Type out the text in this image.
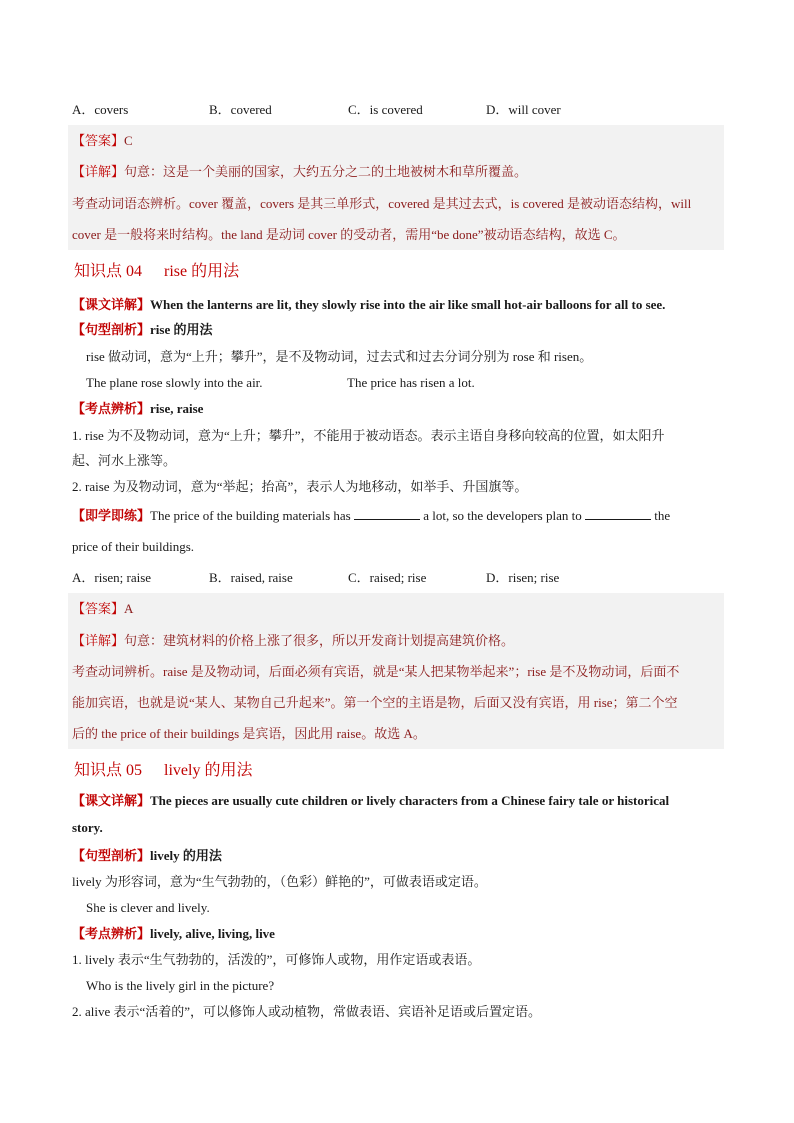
A．covers	B．covered	C．is covered	D．will cover
【答案】C
【详解】句意：这是一个美丽的国家，大约五分之二的土地被树木和草所覆盖。
考查动词语态辨析。cover 覆盖，covers 是其三单形式，covered 是其过去式，is covered 是被动语态结构，will
cover 是一般将来时结构。the land 是动词 cover 的受动者，需用“be done”被动语态结构，故选 C。
知识点 04 rise 的用法
【课文详解】When the lanterns are lit, they slowly rise into the air like small hot-air balloons for all to see.
【句型剖析】rise 的用法
rise 做动词，意为“上升；攀升”，是不及物动词，过去式和过去分词分别为 rose 和 risen。
The plane rose slowly into the air.	The price has risen a lot.
【考点辨析】rise, raise
1. rise 为不及物动词，意为“上升；攀升”，不能用于被动语态。表示主语自身移向较高的位置，如太阳升
起、河水上涨等。
2. raise 为及物动词，意为“举起；抬高”，表示人为地移动，如举手、升国旗等。
【即学即练】The price of the building materials has	a lot, so the developers plan to	the
price of their buildings.
A．risen; raise	B．raised, raise	C．raised; rise	D．risen; rise
【答案】A
【详解】句意：建筑材料的价格上涨了很多，所以开发商计划提高建筑价格。
考查动词辨析。raise 是及物动词，后面必须有宾语，就是“某人把某物举起来”；rise 是不及物动词，后面不
能加宾语，也就是说“某人、某物自己升起来”。第一个空的主语是物，后面又没有宾语，用 rise；第二个空
后的 the price of their buildings 是宾语，因此用 raise。故选 A。
知识点 05 lively 的用法
【课文详解】The pieces are usually cute children or lively characters from a Chinese fairy tale or historical
story.
【句型剖析】lively 的用法
lively 为形容词，意为“生气勃勃的，（色彩）鲜艳的”，可做表语或定语。
She is clever and lively.
【考点辨析】lively, alive, living, live
1. lively 表示“生气勃勃的，活泼的”，可修饰人或物，用作定语或表语。
Who is the lively girl in the picture?
2. alive 表示“活着的”，可以修饰人或动植物，常做表语、宾语补足语或后置定语。
